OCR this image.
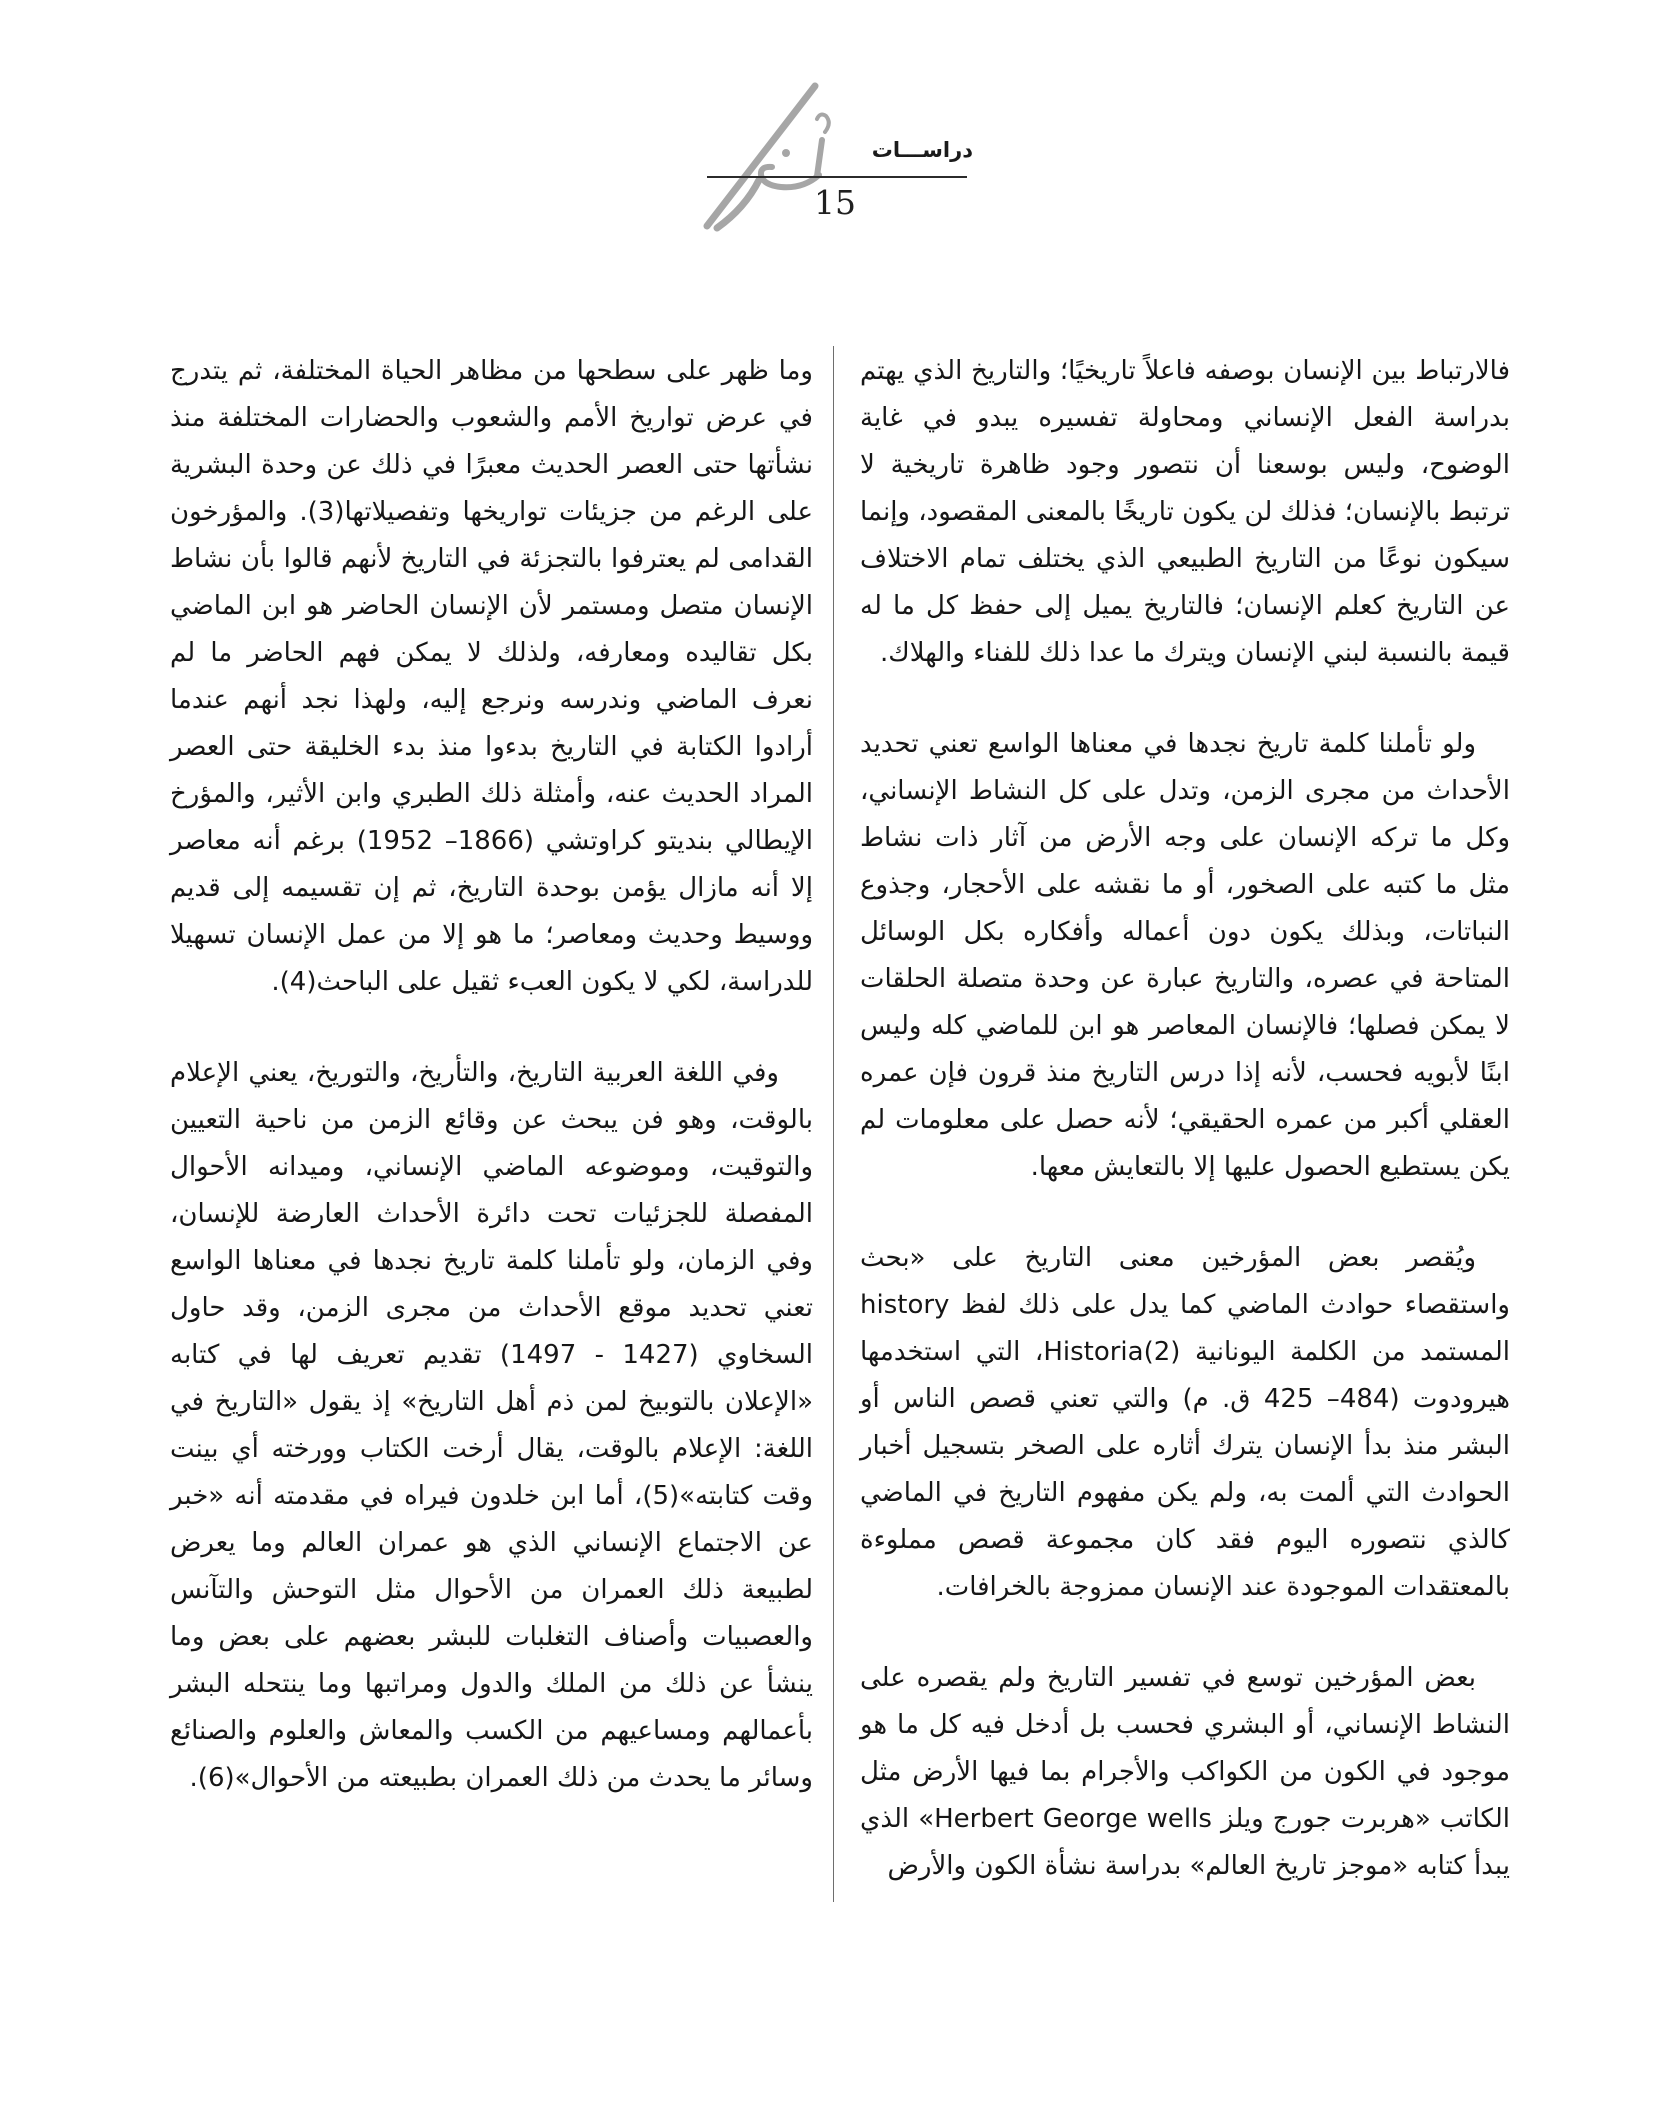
دراســـات
15

فالارتباط بين الإنسان بوصفه فاعلاً تاريخيًا؛ والتاريخ الذي يهتم بدراسة الفعل الإنساني ومحاولة تفسيره يبدو في غاية الوضوح، وليس بوسعنا أن نتصور وجود ظاهرة تاريخية لا ترتبط بالإنسان؛ فذلك لن يكون تاريخًا بالمعنى المقصود، وإنما سيكون نوعًا من التاريخ الطبيعي الذي يختلف تمام الاختلاف عن التاريخ كعلم الإنسان؛ فالتاريخ يميل إلى حفظ كل ما له قيمة بالنسبة لبني الإنسان ويترك ما عدا ذلك للفناء والهلاك.

ولو تأملنا كلمة تاريخ نجدها في معناها الواسع تعني تحديد الأحداث من مجرى الزمن، وتدل على كل النشاط الإنساني، وكل ما تركه الإنسان على وجه الأرض من آثار ذات نشاط مثل ما كتبه على الصخور، أو ما نقشه على الأحجار، وجذوع النباتات، وبذلك يكون دون أعماله وأفكاره بكل الوسائل المتاحة في عصره، والتاريخ عبارة عن وحدة متصلة الحلقات لا يمكن فصلها؛ فالإنسان المعاصر هو ابن للماضي كله وليس ابنًا لأبويه فحسب، لأنه إذا درس التاريخ منذ قرون فإن عمره العقلي أكبر من عمره الحقيقي؛ لأنه حصل على معلومات لم يكن يستطيع الحصول عليها إلا بالتعايش معها.

ويُقصر بعض المؤرخين معنى التاريخ على «بحث واستقصاء حوادث الماضي كما يدل على ذلك لفظ history المستمد من الكلمة اليونانية Historia(2)، التي استخدمها هيرودوت (484– 425 ق. م) والتي تعني قصص الناس أو البشر منذ بدأ الإنسان يترك أثاره على الصخر بتسجيل أخبار الحوادث التي ألمت به، ولم يكن مفهوم التاريخ في الماضي كالذي نتصوره اليوم فقد كان مجموعة قصص مملوءة بالمعتقدات الموجودة عند الإنسان ممزوجة بالخرافات.

بعض المؤرخين توسع في تفسير التاريخ ولم يقصره على النشاط الإنساني، أو البشري فحسب بل أدخل فيه كل ما هو موجود في الكون من الكواكب والأجرام بما فيها الأرض مثل الكاتب «هربرت جورج ويلز Herbert George wells» الذي يبدأ كتابه «موجز تاريخ العالم» بدراسة نشأة الكون والأرض

وما ظهر على سطحها من مظاهر الحياة المختلفة، ثم يتدرج في عرض تواريخ الأمم والشعوب والحضارات المختلفة منذ نشأتها حتى العصر الحديث معبرًا في ذلك عن وحدة البشرية على الرغم من جزيئات تواريخها وتفصيلاتها(3). والمؤرخون القدامى لم يعترفوا بالتجزئة في التاريخ لأنهم قالوا بأن نشاط الإنسان متصل ومستمر لأن الإنسان الحاضر هو ابن الماضي بكل تقاليده ومعارفه، ولذلك لا يمكن فهم الحاضر ما لم نعرف الماضي وندرسه ونرجع إليه، ولهذا نجد أنهم عندما أرادوا الكتابة في التاريخ بدءوا منذ بدء الخليقة حتى العصر المراد الحديث عنه، وأمثلة ذلك الطبري وابن الأثير، والمؤرخ الإيطالي بنديتو كراوتشي (1866– 1952) برغم أنه معاصر إلا أنه مازال يؤمن بوحدة التاريخ، ثم إن تقسيمه إلى قديم ووسيط وحديث ومعاصر؛ ما هو إلا من عمل الإنسان تسهيلا للدراسة، لكي لا يكون العبء ثقيل على الباحث(4).

وفي اللغة العربية التاريخ، والتأريخ، والتوريخ، يعني الإعلام بالوقت، وهو فن يبحث عن وقائع الزمن من ناحية التعيين والتوقيت، وموضوعه الماضي الإنساني، وميدانه الأحوال المفصلة للجزئيات تحت دائرة الأحداث العارضة للإنسان، وفي الزمان، ولو تأملنا كلمة تاريخ نجدها في معناها الواسع تعني تحديد موقع الأحداث من مجرى الزمن، وقد حاول السخاوي (1427 - 1497) تقديم تعريف لها في كتابه «الإعلان بالتوبيخ لمن ذم أهل التاريخ» إذ يقول «التاريخ في اللغة: الإعلام بالوقت، يقال أرخت الكتاب وورخته أي بينت وقت كتابته»(5)، أما ابن خلدون فيراه في مقدمته أنه «خبر عن الاجتماع الإنساني الذي هو عمران العالم وما يعرض لطبيعة ذلك العمران من الأحوال مثل التوحش والتآنس والعصبيات وأصناف التغلبات للبشر بعضهم على بعض وما ينشأ عن ذلك من الملك والدول ومراتبها وما ينتحله البشر بأعمالهم ومساعيهم من الكسب والمعاش والعلوم والصنائع وسائر ما يحدث من ذلك العمران بطبيعته من الأحوال»(6).
